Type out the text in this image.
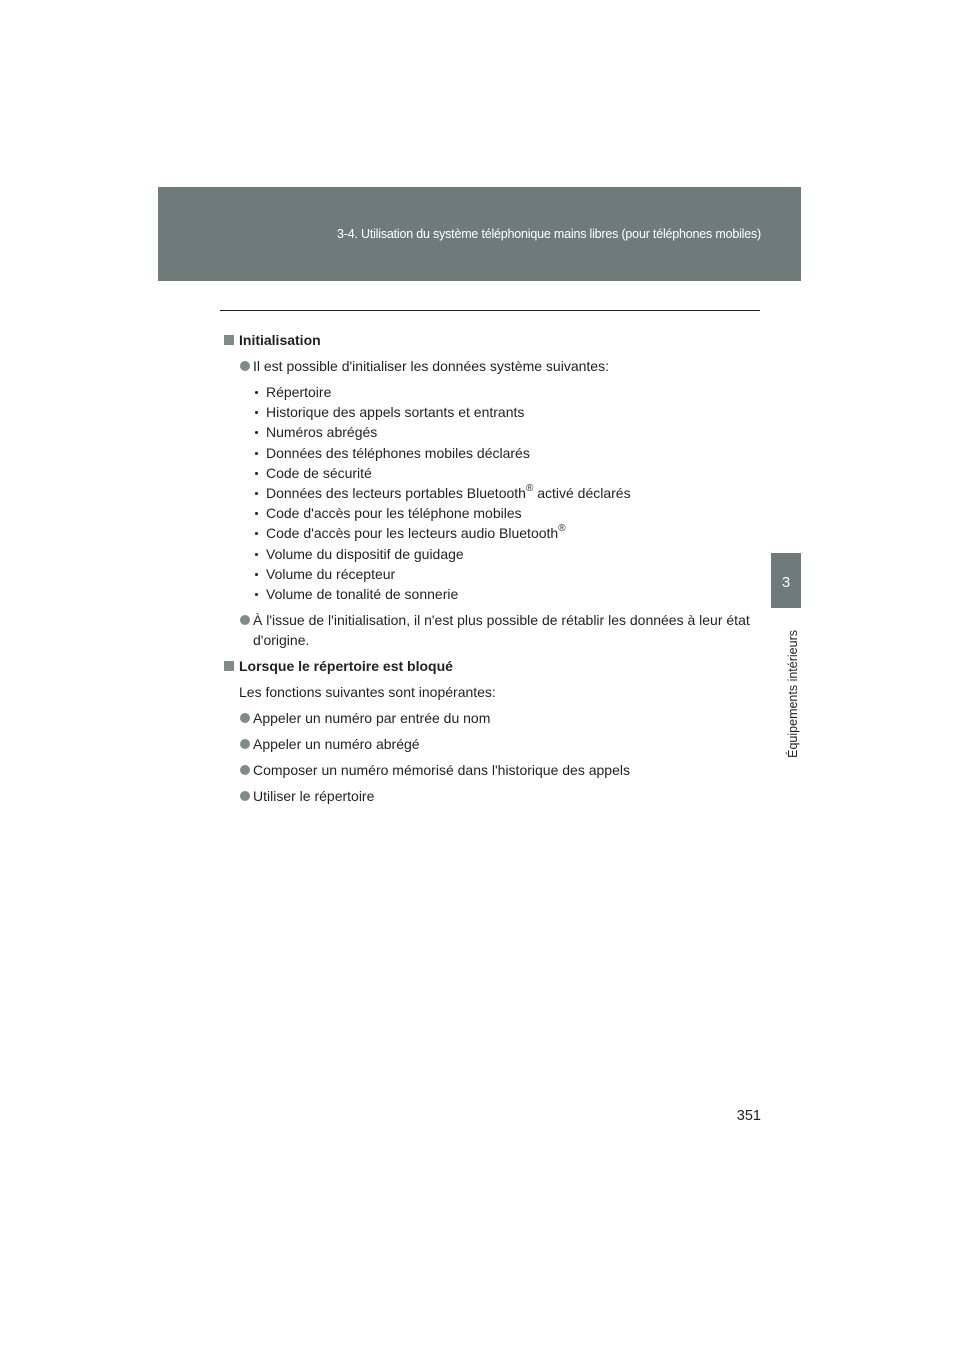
3-4. Utilisation du système téléphonique mains libres (pour téléphones mobiles)
3
Équipements intérieurs
Initialisation
Il est possible d'initialiser les données système suivantes:
Répertoire
Historique des appels sortants et entrants
Numéros abrégés
Données des téléphones mobiles déclarés
Code de sécurité
Données des lecteurs portables Bluetooth® activé déclarés
Code d'accès pour les téléphone mobiles
Code d'accès pour les lecteurs audio Bluetooth®
Volume du dispositif de guidage
Volume du récepteur
Volume de tonalité de sonnerie
À l'issue de l'initialisation, il n'est plus possible de rétablir les données à leur état d'origine.
Lorsque le répertoire est bloqué
Les fonctions suivantes sont inopérantes:
Appeler un numéro par entrée du nom
Appeler un numéro abrégé
Composer un numéro mémorisé dans l'historique des appels
Utiliser le répertoire
351
